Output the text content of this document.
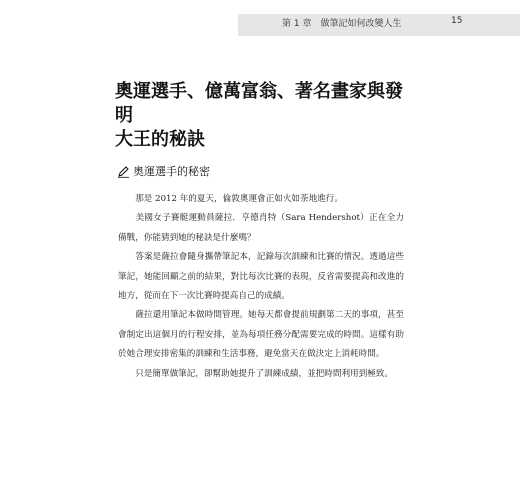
第 1 章　做筆記如何改變人生	15
奧運選手、億萬富翁、著名畫家與發明
大王的秘訣
奧運選手的秘密

　　那是 2012 年的夏天，倫敦奧運會正如火如荼地進行。

　　美國女子賽艇運動員薩拉．亨德肖特（Sara Hendershot）正在全力備戰，你能猜到她的秘訣是什麼嗎？

　　答案是薩拉會隨身攜帶筆記本，記錄每次訓練和比賽的情況。透過這些筆記，她能回顧之前的結果，對比每次比賽的表現，反省需要提高和改進的地方，從而在下一次比賽時提高自己的成績。

　　薩拉還用筆記本做時間管理。她每天都會提前規劃第二天的事項，甚至會制定出這個月的行程安排，並為每項任務分配需要完成的時間。這樣有助於她合理安排密集的訓練和生活事務，避免當天在做決定上消耗時間。

　　只是簡單做筆記，卻幫助她提升了訓練成績，並把時間利用到極致。
